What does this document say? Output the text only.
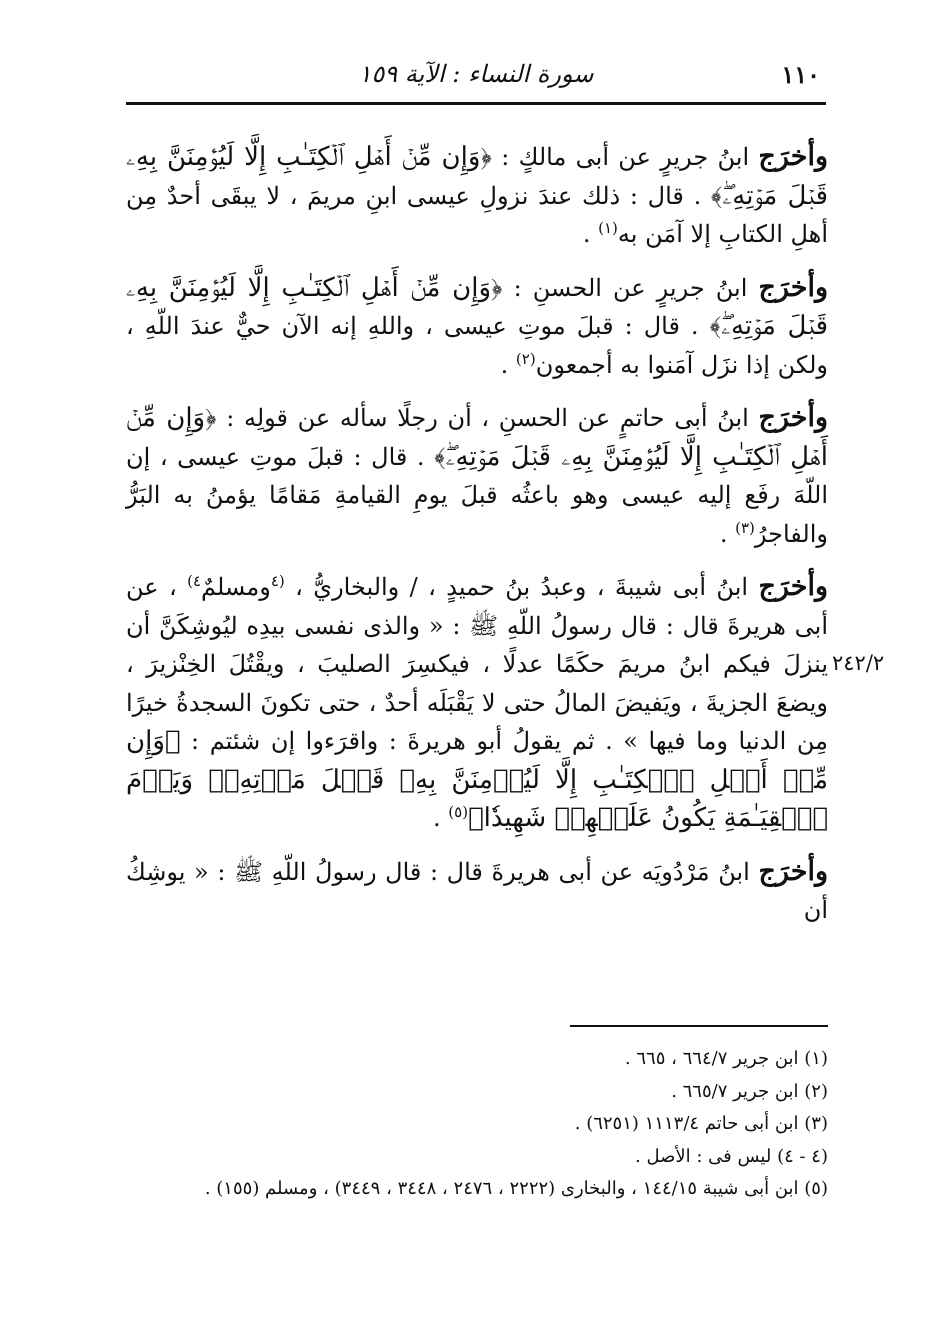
١١٠
سورة النساء : الآية ١٥٩
٢٤٢/٢

وأخرَج ابنُ جريرٍ عن أبى مالكٍ : ﴿وَإِن مِّنۡ أَهۡلِ ٱلۡكِتَـٰبِ إِلَّا لَيُؤۡمِنَنَّ بِهِۦ قَبۡلَ مَوۡتِهِۦۖ﴾ . قال : ذلك عندَ نزولِ عيسى ابنِ مريمَ ، لا يبقَى أحدٌ مِن أهلِ الكتابِ إلا آمَن به$^{(١)}$ .

وأخرَج ابنُ جريرٍ عن الحسنِ : ﴿وَإِن مِّنۡ أَهۡلِ ٱلۡكِتَـٰبِ إِلَّا لَيُؤۡمِنَنَّ بِهِۦ قَبۡلَ مَوۡتِهِۦۖ﴾ . قال : قبلَ موتِ عيسى ، واللهِ إنه الآن حيٌّ عندَ اللّهِ ، ولكن إذا نزَل آمَنوا به أجمعون$^{(٢)}$ .

وأخرَج ابنُ أبى حاتمٍ عن الحسنِ ، أن رجلًا سأله عن قولِه : ﴿وَإِن مِّنۡ أَهۡلِ ٱلۡكِتَـٰبِ إِلَّا لَيُؤۡمِنَنَّ بِهِۦ قَبۡلَ مَوۡتِهِۦۖ﴾ . قال : قبلَ موتِ عيسى ، إن اللّهَ رفَع إليه عيسى وهو باعثُه قبلَ يومِ القيامةِ مَقامًا يؤمنُ به البَرُّ والفاجرُ$^{(٣)}$ .

وأخرَج ابنُ أبى شيبةَ ، وعبدُ بنُ حميدٍ ، / والبخاريُّ ، $^{(٤}$ومسلمٌ$^{٤)}$ ، عن أبى هريرةَ قال : قال رسولُ اللّهِ ﷺ : « والذى نفسى بيدِه ليُوشِكَنَّ أن ينزلَ فيكم ابنُ مريمَ حكَمًا عدلًا ، فيكسِرَ الصليبَ ، ويقْتُلَ الخِنْزيرَ ، ويضعَ الجزيةَ ، ويَفيضَ المالُ حتى لا يَقْبَلَه أحدٌ ، حتى تكونَ السجدةُ خيرًا مِن الدنيا وما فيها » . ثم يقولُ أبو هريرةَ : واقرَءوا إن شئتم : ﴿وَإِن مِّنۡ أَهۡلِ ٱلۡكِتَـٰبِ إِلَّا لَيُؤۡمِنَنَّ بِهِۦ قَبۡلَ مَوۡتِهِۦۖ وَيَوۡمَ ٱلۡقِيَـٰمَةِ يَكُونُ عَلَيۡهِمۡ شَهِيدٗا﴾$^{(٥)}$ .

وأخرَج ابنُ مَرْدُويَه عن أبى هريرةَ قال : قال رسولُ اللّهِ ﷺ : « يوشِكُ أن

(١) ابن جرير ٦٦٤/٧ ، ٦٦٥ .

(٢) ابن جرير ٦٦٥/٧ .

(٣) ابن أبى حاتم ١١١٣/٤ (٦٢٥١) .

(٤ - ٤) ليس فى : الأصل .

(٥) ابن أبى شيبة ١٤٤/١٥ ، والبخارى (٢٢٢٢ ، ٢٤٧٦ ، ٣٤٤٨ ، ٣٤٤٩) ، ومسلم (١٥٥) .
